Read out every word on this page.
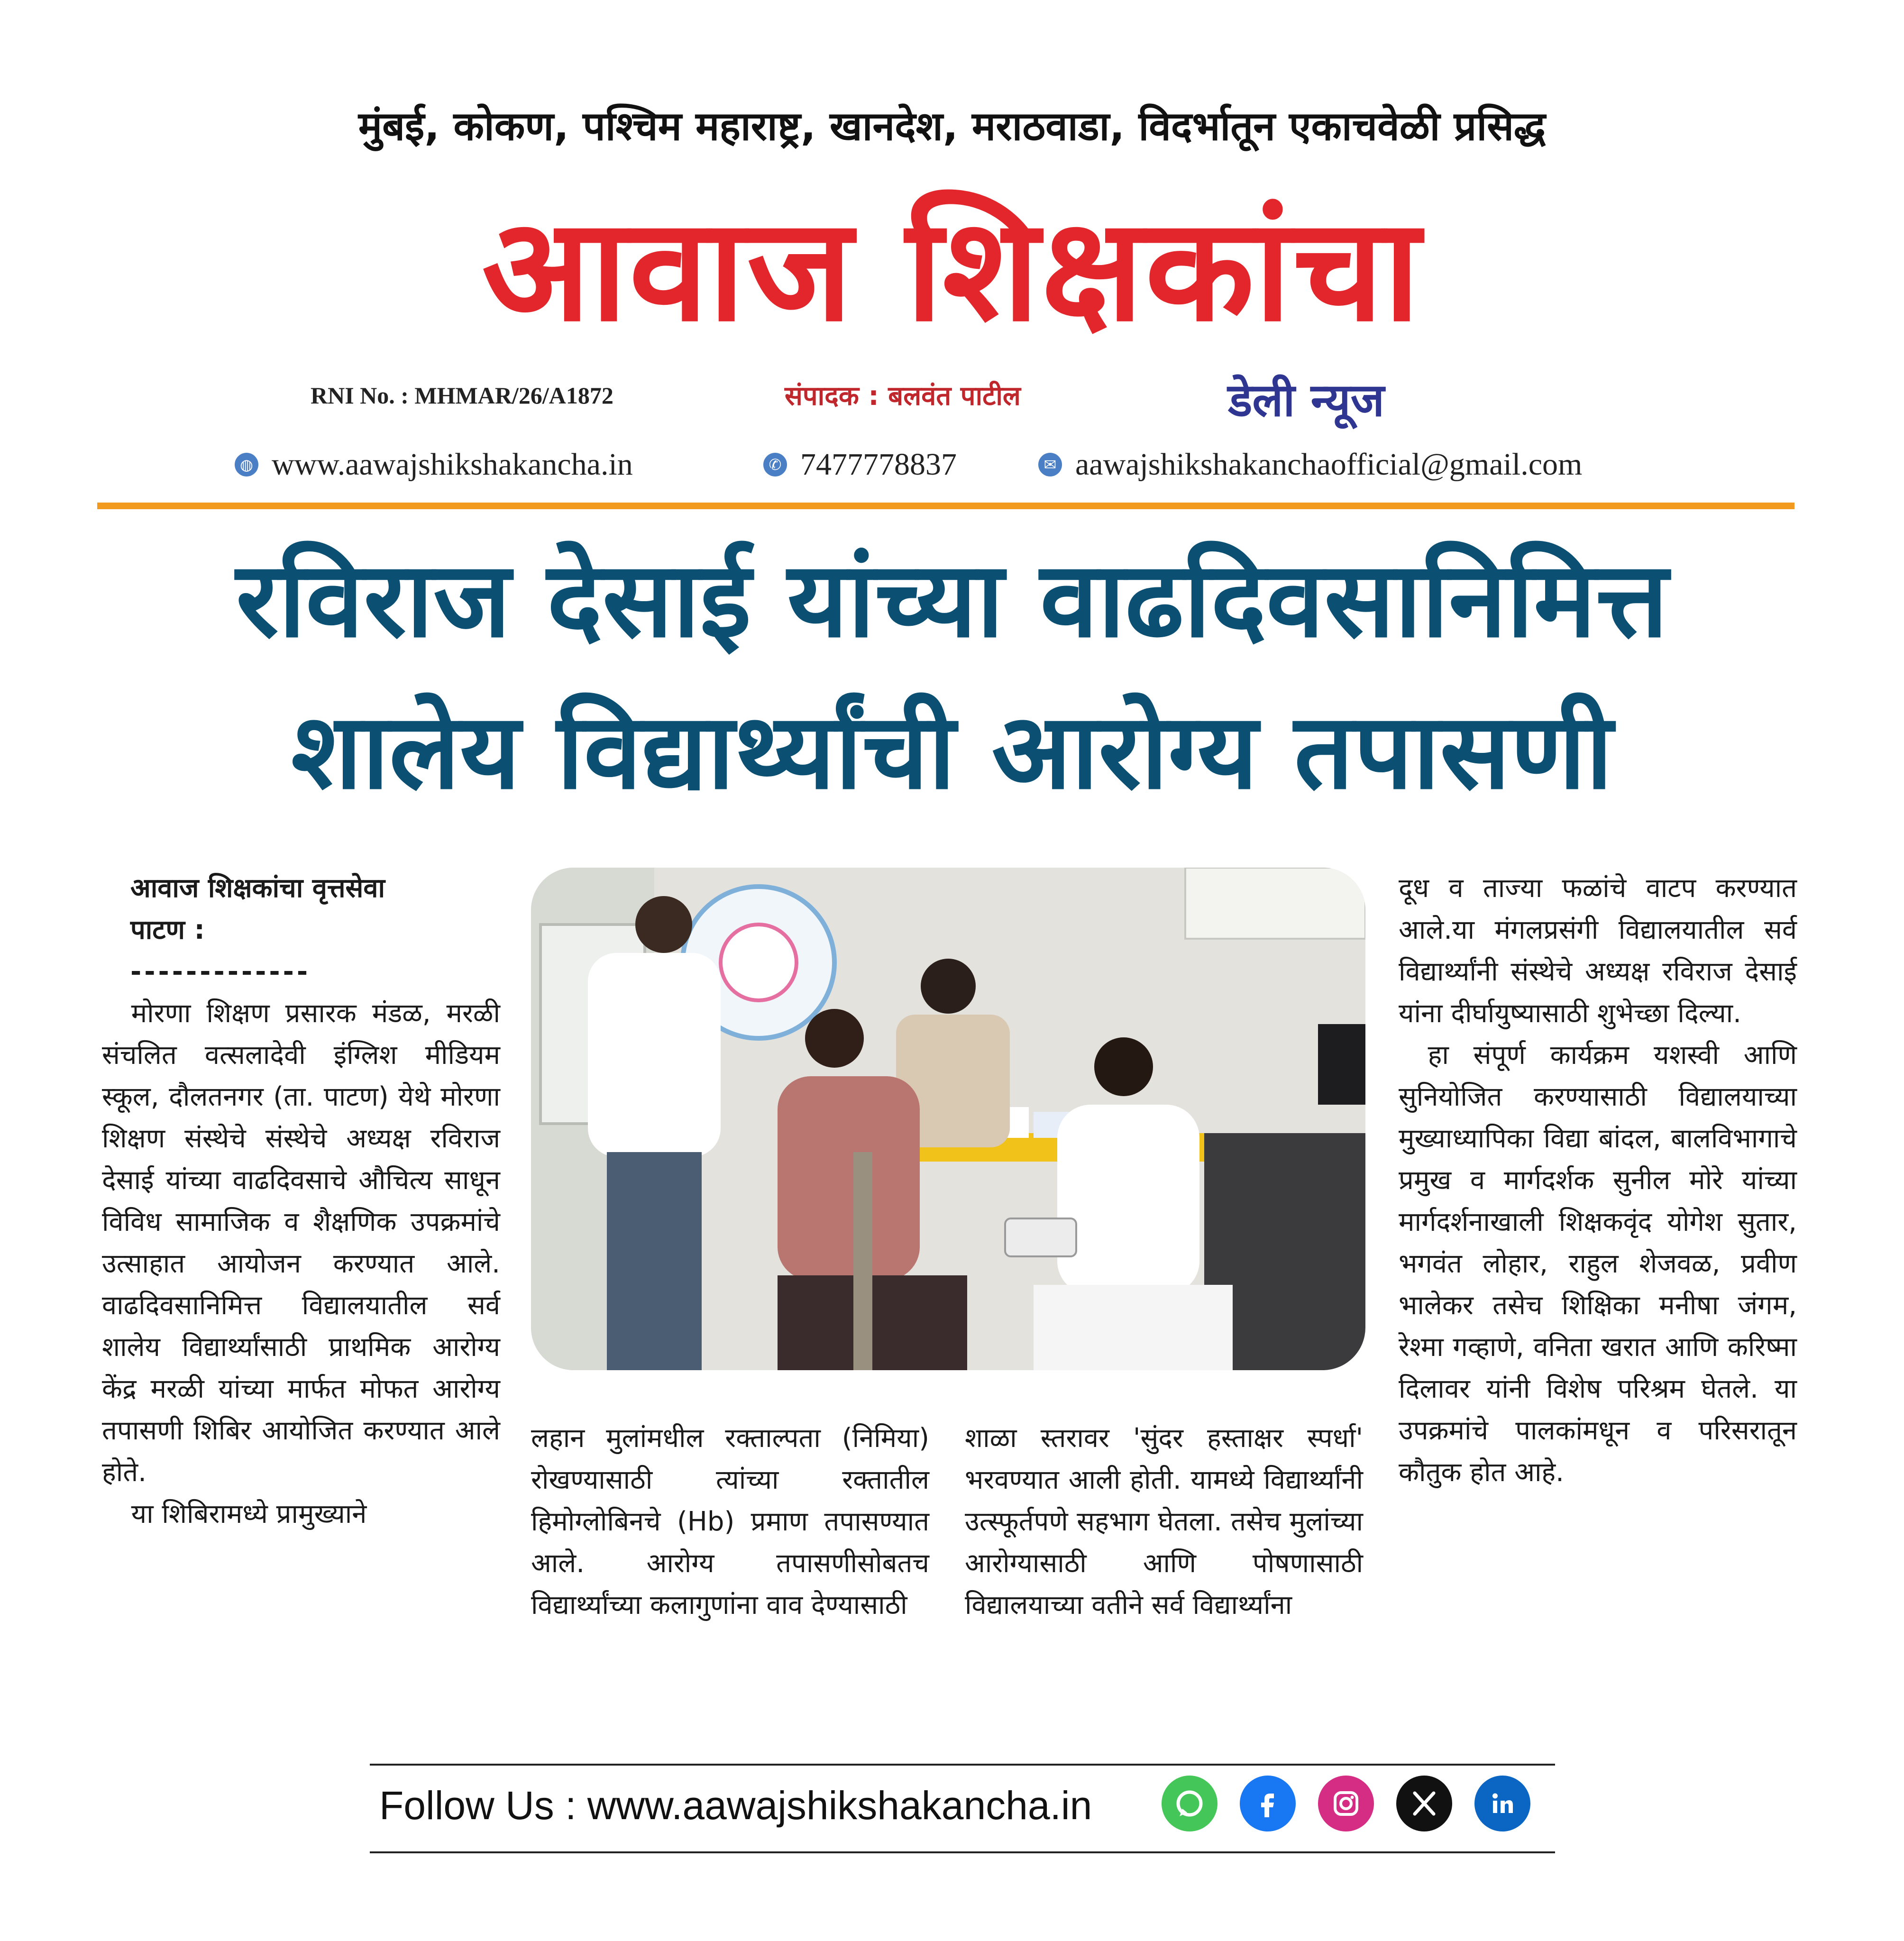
मुंबई, कोकण, पश्चिम महाराष्ट्र, खानदेश, मराठवाडा, विदर्भातून एकाचवेळी प्रसिद्ध
आवाज शिक्षकांचा
RNI No. : MHMAR/26/A1872	संपादक : बलवंत पाटील	डेली न्यूज
◍ www.aawajshikshakancha.in	✆ 7477778837	✉ aawajshikshakanchaofficial@gmail.com
रविराज देसाई यांच्या वाढदिवसानिमित्त
शालेय विद्यार्थ्यांची आरोग्य तपासणी
आवाज शिक्षकांचा वृत्तसेवा
पाटण :
-------------

मोरणा शिक्षण प्रसारक मंडळ, मरळी संचलित वत्सलादेवी इंग्लिश मीडियम स्कूल, दौलतनगर (ता. पाटण) येथे मोरणा शिक्षण संस्थेचे संस्थेचे अध्यक्ष रविराज देसाई यांच्या वाढदिवसाचे औचित्य साधून विविध सामाजिक व शैक्षणिक उपक्रमांचे उत्साहात आयोजन करण्यात आले. वाढदिवसानिमित्त विद्यालयातील सर्व शालेय विद्यार्थ्यांसाठी प्राथमिक आरोग्य केंद्र मरळी यांच्या मार्फत मोफत आरोग्य तपासणी शिबिर आयोजित करण्यात आले होते.

या शिबिरामध्ये प्रामुख्याने

लहान मुलांमधील रक्ताल्पता (निमिया) रोखण्यासाठी त्यांच्या रक्तातील हिमोग्लोबिनचे (Hb) प्रमाण तपासण्यात आले. आरोग्य तपासणीसोबतच विद्यार्थ्यांच्या कलागुणांना वाव देण्यासाठी

शाळा स्तरावर 'सुंदर हस्ताक्षर स्पर्धा' भरवण्यात आली होती. यामध्ये विद्यार्थ्यांनी उत्स्फूर्तपणे सहभाग घेतला. तसेच मुलांच्या आरोग्यासाठी आणि पोषणासाठी विद्यालयाच्या वतीने सर्व विद्यार्थ्यांना

दूध व ताज्या फळांचे वाटप करण्यात आले.या मंगलप्रसंगी विद्यालयातील सर्व विद्यार्थ्यांनी संस्थेचे अध्यक्ष रविराज देसाई यांना दीर्घायुष्यासाठी शुभेच्छा दिल्या.

हा संपूर्ण कार्यक्रम यशस्वी आणि सुनियोजित करण्यासाठी विद्यालयाच्या मुख्याध्यापिका विद्या बांदल, बालविभागाचे प्रमुख व मार्गदर्शक सुनील मोरे यांच्या मार्गदर्शनाखाली शिक्षकवृंद योगेश सुतार, भगवंत लोहार, राहुल शेजवळ, प्रवीण भालेकर तसेच शिक्षिका मनीषा जंगम, रेश्मा गव्हाणे, वनिता खरात आणि करिष्मा दिलावर यांनी विशेष परिश्रम घेतले. या उपक्रमांचे पालकांमधून व परिसरातून कौतुक होत आहे.

Follow Us : www.aawajshikshakancha.in
